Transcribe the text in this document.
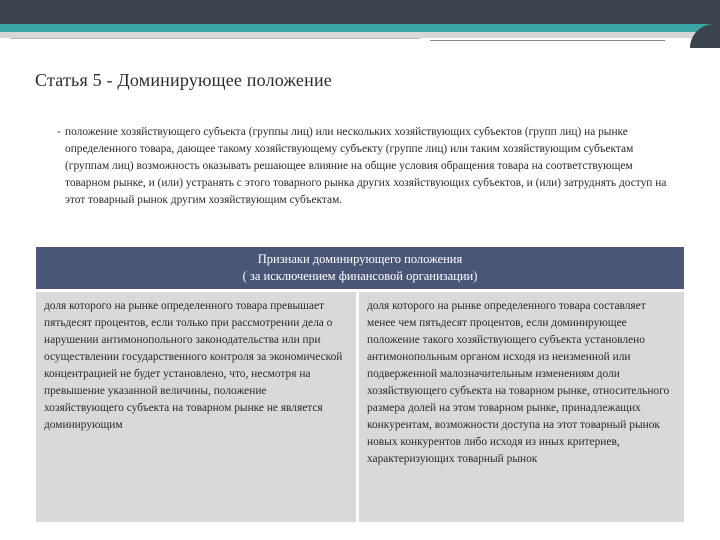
Статья 5 - Доминирующее положение
- положение хозяйствующего субъекта (группы лиц) или нескольких хозяйствующих субъектов (групп лиц) на рынке определенного товара, дающее такому хозяйствующему субъекту (группе лиц) или таким хозяйствующим субъектам (группам лиц) возможность оказывать решающее влияние на общие условия обращения товара на соответствующем товарном рынке, и (или) устранять с этого товарного рынка других хозяйствующих субъектов, и (или) затруднять доступ на этот товарный рынок другим хозяйствующим субъектам.
Признаки доминирующего положения
( за исключением финансовой организации)
доля которого на рынке определенного товара превышает пятьдесят процентов, если только при рассмотрении дела о нарушении антимонопольного законодательства или при осуществлении государственного контроля за экономической концентрацией не будет установлено, что, несмотря на превышение указанной величины, положение хозяйствующего субъекта на товарном рынке не является доминирующим
доля которого на рынке определенного товара составляет менее чем пятьдесят процентов, если доминирующее положение такого хозяйствующего субъекта установлено антимонопольным органом исходя из неизменной или подверженной малозначительным изменениям доли хозяйствующего субъекта на товарном рынке, относительного размера долей на этом товарном рынке, принадлежащих конкурентам, возможности доступа на этот товарный рынок новых конкурентов либо исходя из иных критериев, характеризующих товарный рынок
